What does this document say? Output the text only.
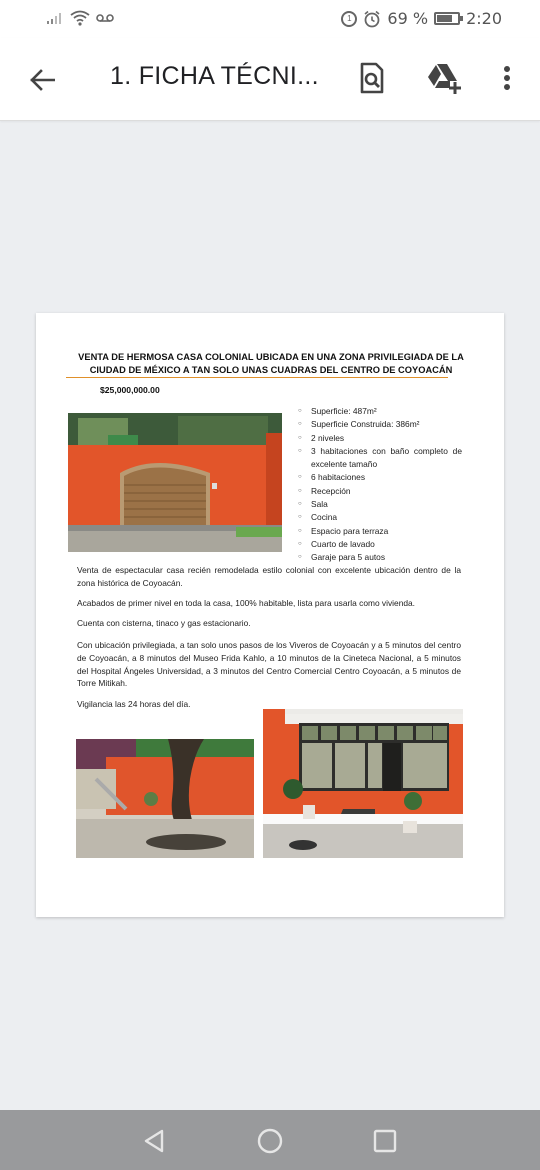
1	69 % 2:20
1. FICHA TÉCNI...
VENTA DE HERMOSA CASA COLONIAL UBICADA EN UNA ZONA PRIVILEGIADA DE LA CIUDAD DE MÉXICO A TAN SOLO UNAS CUADRAS DEL CENTRO DE COYOACÁN
$25,000,000.00
○ Superficie: 487m²
○ Superficie Construida: 386m²
○ 2 niveles
○ 3 habitaciones con baño completo de excelente tamaño
○ 6 habitaciones
○ Recepción
○ Sala
○ Cocina
○ Espacio para terraza
○ Cuarto de lavado
○ Garaje para 5 autos

Venta de espectacular casa recién remodelada estilo colonial con excelente ubicación dentro de la zona histórica de Coyoacán.

Acabados de primer nivel en toda la casa, 100% habitable, lista para usarla como vivienda.

Cuenta con cisterna, tinaco y gas estacionario.

Con ubicación privilegiada, a tan solo unos pasos de los Viveros de Coyoacán y a 5 minutos del centro de Coyoacán, a 8 minutos del Museo Frida Kahlo, a 10 minutos de la Cineteca Nacional, a 5 minutos del Hospital Ángeles Universidad, a 3 minutos del Centro Comercial Centro Coyoacán, a 5 minutos de Torre Mitikah.

Vigilancia las 24 horas del día.
